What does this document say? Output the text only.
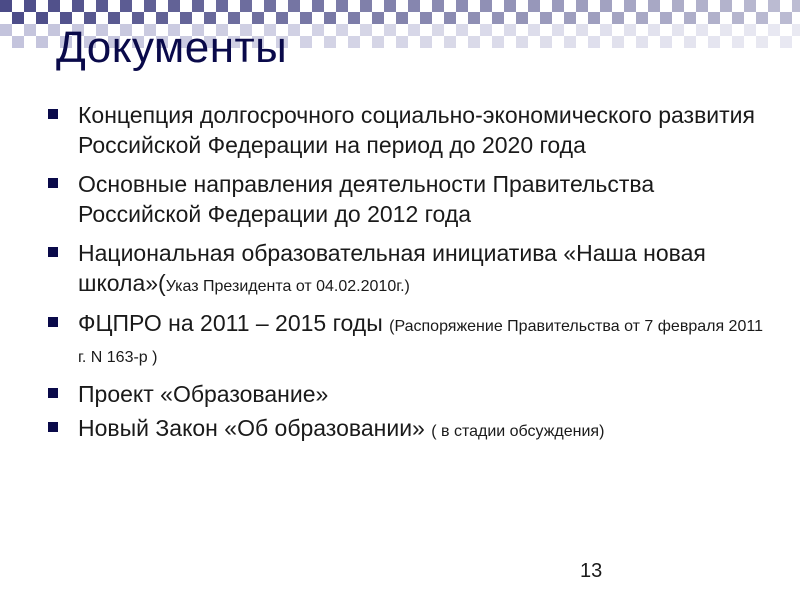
Документы
Концепция долгосрочного социально-экономического развития Российской Федерации на период до 2020 года
Основные направления деятельности Правительства Российской Федерации до 2012 года
Национальная образовательная инициатива «Наша новая школа»(Указ Президента от 04.02.2010г.)
ФЦПРО на 2011 – 2015 годы (Распоряжение Правительства от 7 февраля 2011 г. N 163-р )
Проект «Образование»
Новый Закон «Об образовании» ( в стадии обсуждения)
13
